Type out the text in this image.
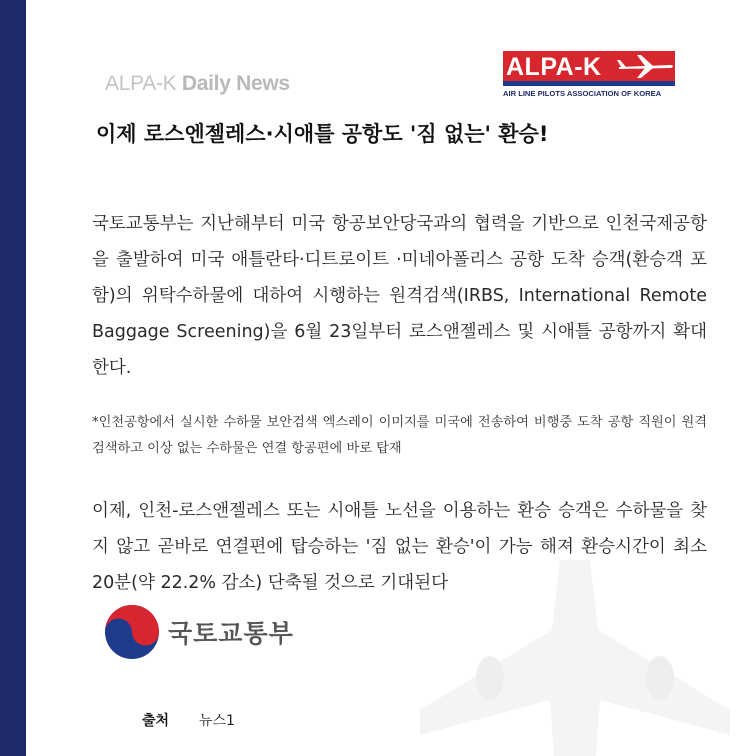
ALPA-K Daily News
ALPA-K
AIR LINE PILOTS ASSOCIATION OF KOREA
이제 로스엔젤레스·시애틀 공항도 '짐 없는' 환승!
국토교통부는 지난해부터 미국 항공보안당국과의 협력을 기반으로 인천국제공항을 출발하여 미국 애틀란타·디트로이트 ·미네아폴리스 공항 도착 승객(환승객 포함)의 위탁수하물에 대하여 시행하는 원격검색(IRBS, International Remote Baggage Screening)을 6월 23일부터 로스앤젤레스 및 시애틀 공항까지 확대한다.
*인천공항에서 실시한 수하물 보안검색 엑스레이 이미지를 미국에 전송하여 비행중 도착 공항 직원이 원격 검색하고 이상 없는 수하물은 연결 항공편에 바로 탑재
이제, 인천-로스앤젤레스 또는 시애틀 노선을 이용하는 환승 승객은 수하물을 찾지 않고 곧바로 연결편에 탑승하는 '짐 없는 환승'이 가능 해져 환승시간이 최소20분(약 22.2% 감소) 단축될 것으로 기대된다
국토교통부
출처 뉴스1
